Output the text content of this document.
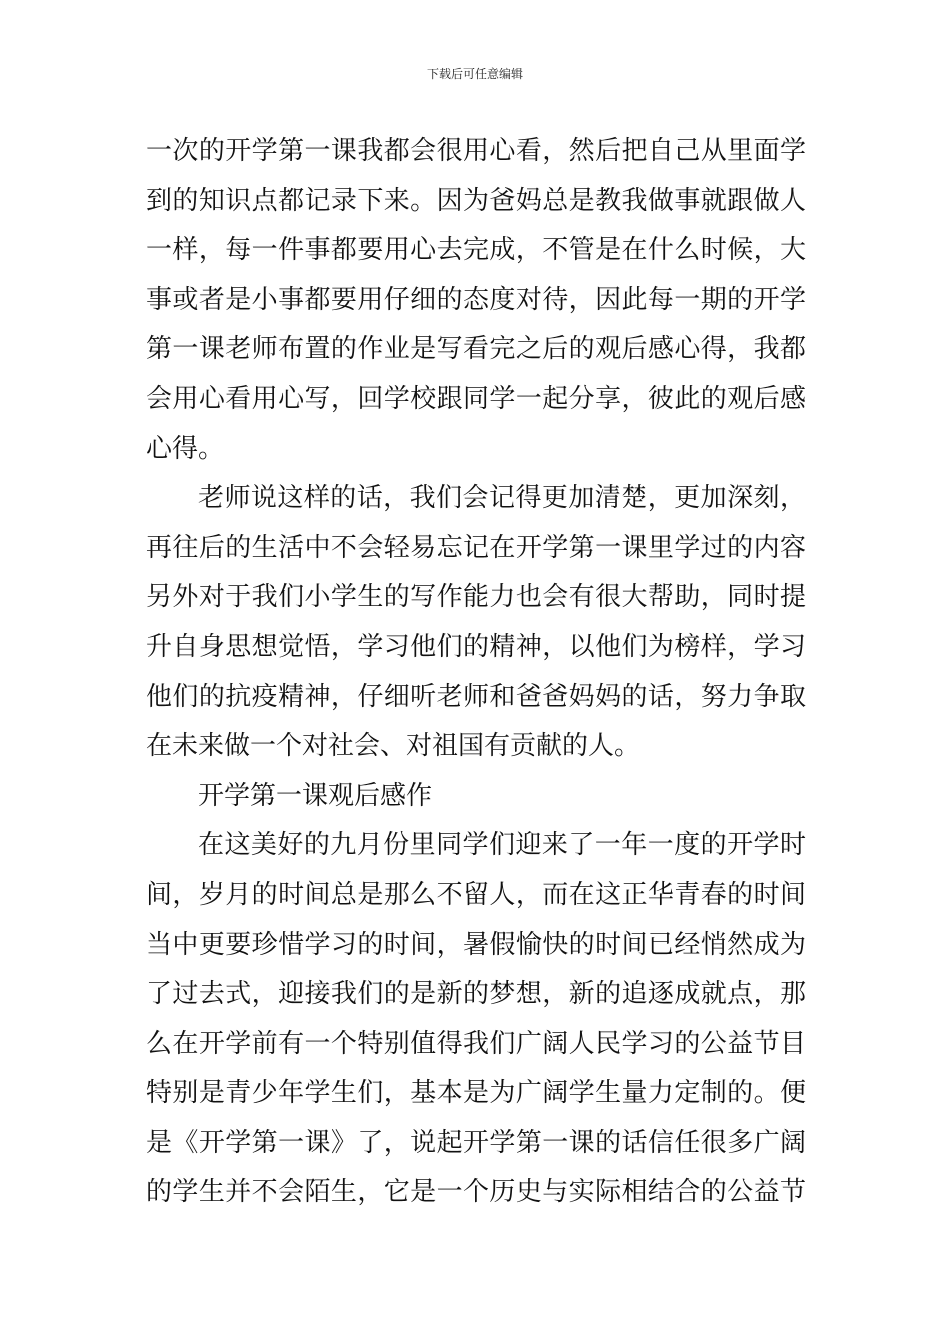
下载后可任意编辑
一次的开学第一课我都会很用心看，然后把自己从里面学
到的知识点都记录下来。因为爸妈总是教我做事就跟做人
一样，每一件事都要用心去完成，不管是在什么时候，大
事或者是小事都要用仔细的态度对待，因此每一期的开学
第一课老师布置的作业是写看完之后的观后感心得，我都
会用心看用心写，回学校跟同学一起分享，彼此的观后感
心得。
老师说这样的话，我们会记得更加清楚，更加深刻，
再往后的生活中不会轻易忘记在开学第一课里学过的内容
另外对于我们小学生的写作能力也会有很大帮助，同时提
升自身思想觉悟，学习他们的精神，以他们为榜样，学习
他们的抗疫精神，仔细听老师和爸爸妈妈的话，努力争取
在未来做一个对社会、对祖国有贡献的人。
开学第一课观后感作
在这美好的九月份里同学们迎来了一年一度的开学时
间，岁月的时间总是那么不留人，而在这正华青春的时间
当中更要珍惜学习的时间，暑假愉快的时间已经悄然成为
了过去式，迎接我们的是新的梦想，新的追逐成就点，那
么在开学前有一个特别值得我们广阔人民学习的公益节目
特别是青少年学生们，基本是为广阔学生量力定制的。便
是《开学第一课》了，说起开学第一课的话信任很多广阔
的学生并不会陌生，它是一个历史与实际相结合的公益节
